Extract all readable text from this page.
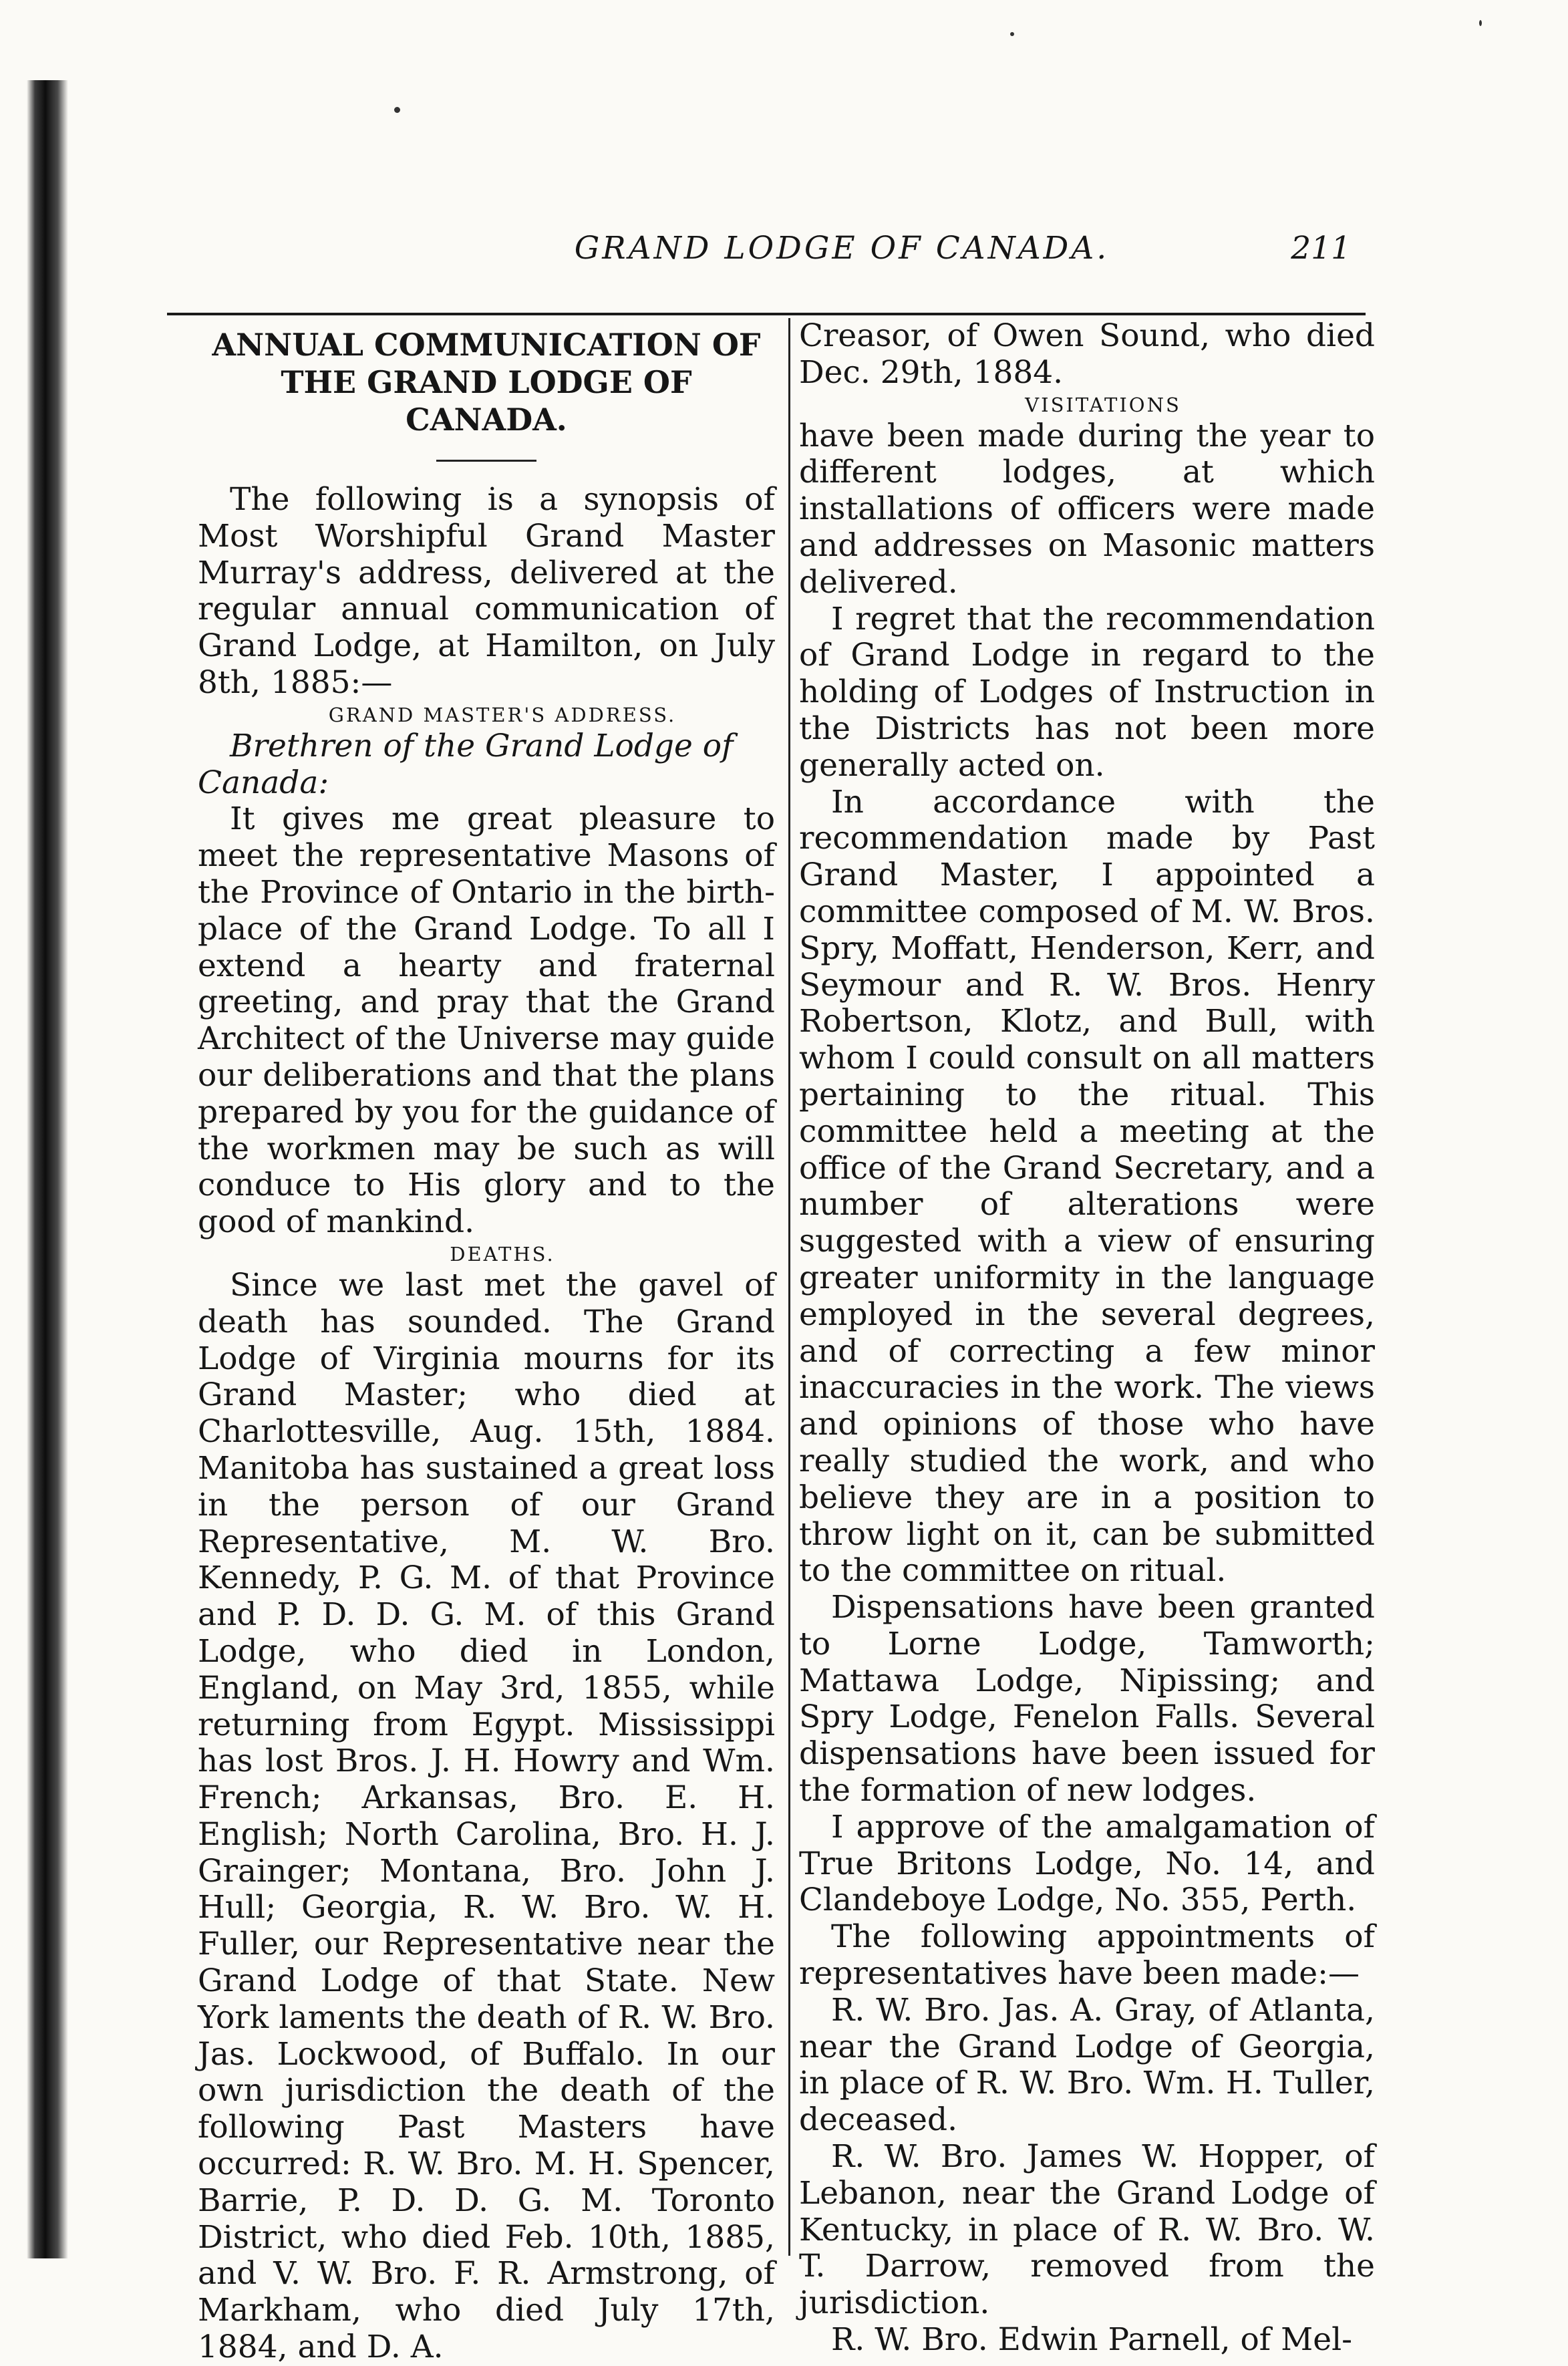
GRAND LODGE OF CANADA.	211
ANNUAL COMMUNICATION OF THE GRAND LODGE OF CANADA.

The following is a synopsis of Most Worshipful Grand Master Murray's address, delivered at the regular annual communication of Grand Lodge, at Hamilton, on July 8th, 1885:—

GRAND MASTER'S ADDRESS.

Brethren of the Grand Lodge of Canada:

It gives me great pleasure to meet the representative Masons of the Province of Ontario in the birth-place of the Grand Lodge. To all I extend a hearty and fraternal greeting, and pray that the Grand Architect of the Universe may guide our deliberations and that the plans prepared by you for the guidance of the workmen may be such as will conduce to His glory and to the good of mankind.

DEATHS.

Since we last met the gavel of death has sounded. The Grand Lodge of Virginia mourns for its Grand Master; who died at Charlottesville, Aug. 15th, 1884. Manitoba has sustained a great loss in the person of our Grand Representative, M. W. Bro. Kennedy, P. G. M. of that Province and P. D. D. G. M. of this Grand Lodge, who died in London, England, on May 3rd, 1855, while returning from Egypt. Mississippi has lost Bros. J. H. Howry and Wm. French; Arkansas, Bro. E. H. English; North Carolina, Bro. H. J. Grainger; Montana, Bro. John J. Hull; Georgia, R. W. Bro. W. H. Fuller, our Representative near the Grand Lodge of that State. New York laments the death of R. W. Bro. Jas. Lockwood, of Buffalo. In our own jurisdiction the death of the following Past Masters have occurred: R. W. Bro. M. H. Spencer, Barrie, P. D. D. G. M. Toronto District, who died Feb. 10th, 1885, and V. W. Bro. F. R. Armstrong, of Markham, who died July 17th, 1884, and D. A.

Creasor, of Owen Sound, who died Dec. 29th, 1884.

VISITATIONS

have been made during the year to different lodges, at which installations of officers were made and addresses on Masonic matters delivered.

I regret that the recommendation of Grand Lodge in regard to the holding of Lodges of Instruction in the Districts has not been more generally acted on.

In accordance with the recommendation made by Past Grand Master, I appointed a committee composed of M. W. Bros. Spry, Moffatt, Henderson, Kerr, and Seymour and R. W. Bros. Henry Robertson, Klotz, and Bull, with whom I could consult on all matters pertaining to the ritual. This committee held a meeting at the office of the Grand Secretary, and a number of alterations were suggested with a view of ensuring greater uniformity in the language employed in the several degrees, and of correcting a few minor inaccuracies in the work. The views and opinions of those who have really studied the work, and who believe they are in a position to throw light on it, can be submitted to the committee on ritual.

Dispensations have been granted to Lorne Lodge, Tamworth; Mattawa Lodge, Nipissing; and Spry Lodge, Fenelon Falls. Several dispensations have been issued for the formation of new lodges.

I approve of the amalgamation of True Britons Lodge, No. 14, and Clandeboye Lodge, No. 355, Perth.

The following appointments of representatives have been made:—

R. W. Bro. Jas. A. Gray, of Atlanta, near the Grand Lodge of Georgia, in place of R. W. Bro. Wm. H. Tuller, deceased.

R. W. Bro. James W. Hopper, of Lebanon, near the Grand Lodge of Kentucky, in place of R. W. Bro. W. T. Darrow, removed from the jurisdiction.

R. W. Bro. Edwin Parnell, of Mel-
